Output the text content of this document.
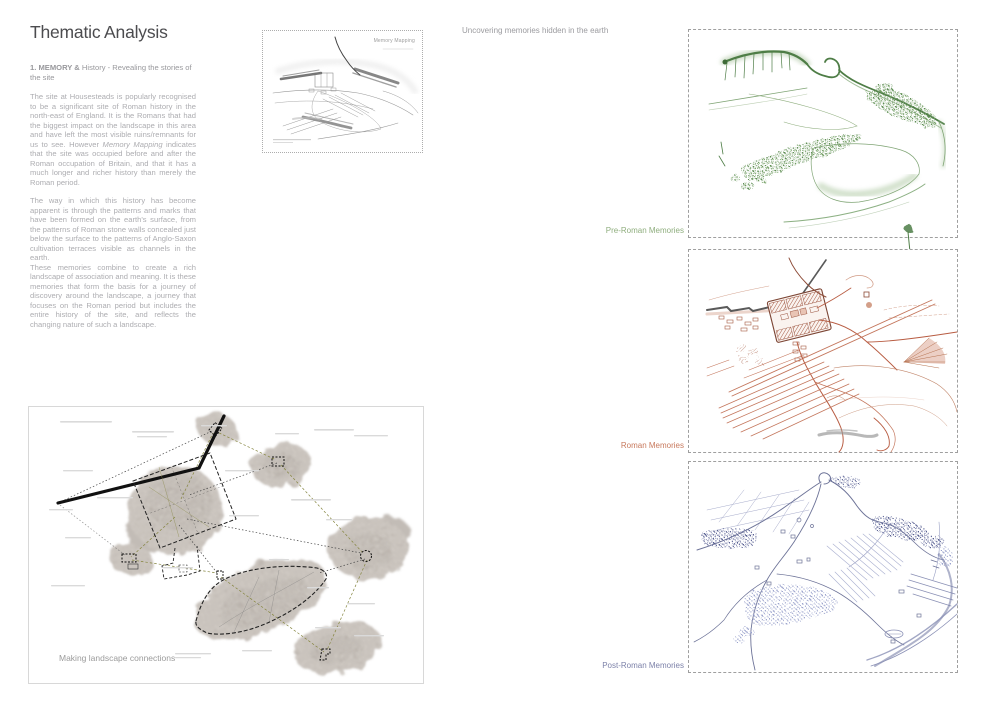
Thematic Analysis

1. MEMORY & History - Revealing the stories of the site

The site at Housesteads is popularly recognised to be a significant site of Roman history in the north-east of England. It is the Romans that had the biggest impact on the landscape in this area and have left the most visible ruins/remnants for us to see. However Memory Mapping indicates that the site was occupied before and after the Roman occupation of Britain, and that it has a much longer and richer history than merely the Roman period.

The way in which this history has become apparent is through the patterns and marks that have been formed on the earth's surface, from the patterns of Roman stone walls concealed just below the surface to the patterns of Anglo-Saxon cultivation terraces visible as channels in the earth.

These memories combine to create a rich landscape of association and meaning. It is these memories that form the basis for a journey of discovery around the landscape, a journey that focuses on the Roman period but includes the entire history of the site, and reflects the changing nature of such a landscape.

Memory Mapping
Uncovering memories hidden in the earth
Pre-Roman Memories
Roman Memories
Post-Roman Memories
Making landscape connections
